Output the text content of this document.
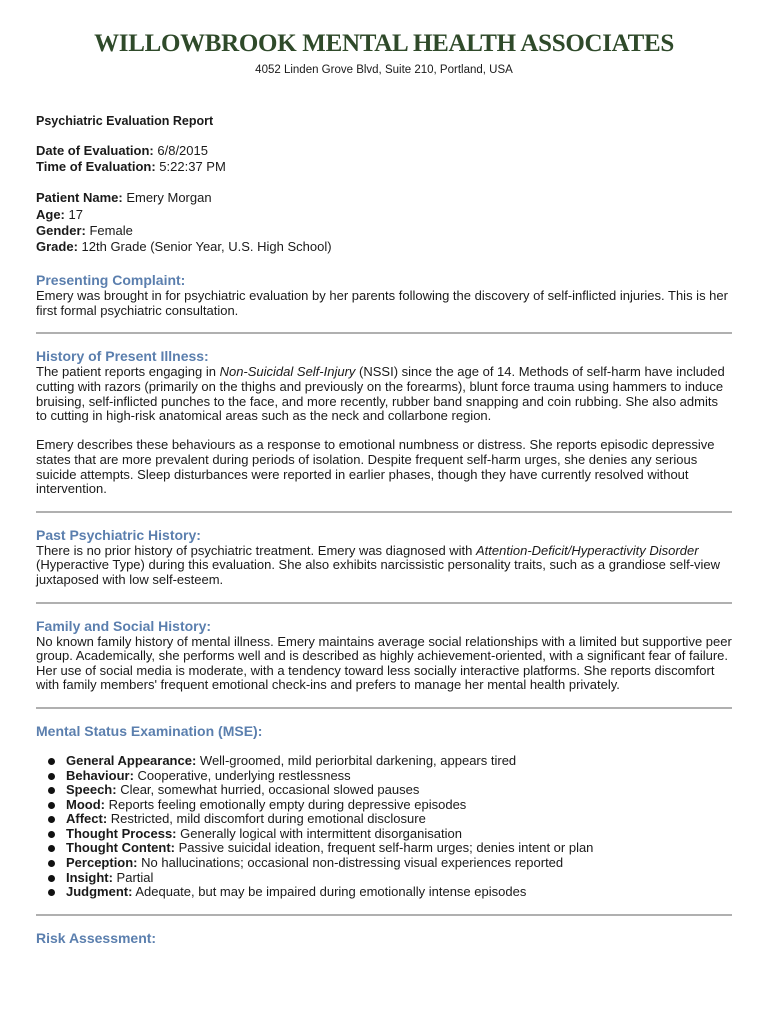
WILLOWBROOK MENTAL HEALTH ASSOCIATES
4052 Linden Grove Blvd, Suite 210, Portland, USA
Psychiatric Evaluation Report
Date of Evaluation: 6/8/2015
Time of Evaluation: 5:22:37 PM
Patient Name: Emery Morgan
Age: 17
Gender: Female
Grade: 12th Grade (Senior Year, U.S. High School)
Presenting Complaint:

Emery was brought in for psychiatric evaluation by her parents following the discovery of self-inflicted injuries. This is her first formal psychiatric consultation.

History of Present Illness:

The patient reports engaging in Non-Suicidal Self-Injury (NSSI) since the age of 14. Methods of self-harm have included cutting with razors (primarily on the thighs and previously on the forearms), blunt force trauma using hammers to induce bruising, self-inflicted punches to the face, and more recently, rubber band snapping and coin rubbing. She also admits to cutting in high-risk anatomical areas such as the neck and collarbone region.

Emery describes these behaviours as a response to emotional numbness or distress. She reports episodic depressive states that are more prevalent during periods of isolation. Despite frequent self-harm urges, she denies any serious suicide attempts. Sleep disturbances were reported in earlier phases, though they have currently resolved without intervention.

Past Psychiatric History:

There is no prior history of psychiatric treatment. Emery was diagnosed with Attention-Deficit/Hyperactivity Disorder (Hyperactive Type) during this evaluation. She also exhibits narcissistic personality traits, such as a grandiose self-view juxtaposed with low self-esteem.

Family and Social History:

No known family history of mental illness. Emery maintains average social relationships with a limited but supportive peer group. Academically, she performs well and is described as highly achievement-oriented, with a significant fear of failure. Her use of social media is moderate, with a tendency toward less socially interactive platforms. She reports discomfort with family members' frequent emotional check-ins and prefers to manage her mental health privately.

Mental Status Examination (MSE):
General Appearance: Well-groomed, mild periorbital darkening, appears tired
Behaviour: Cooperative, underlying restlessness
Speech: Clear, somewhat hurried, occasional slowed pauses
Mood: Reports feeling emotionally empty during depressive episodes
Affect: Restricted, mild discomfort during emotional disclosure
Thought Process: Generally logical with intermittent disorganisation
Thought Content: Passive suicidal ideation, frequent self-harm urges; denies intent or plan
Perception: No hallucinations; occasional non-distressing visual experiences reported
Insight: Partial
Judgment: Adequate, but may be impaired during emotionally intense episodes
Risk Assessment:
